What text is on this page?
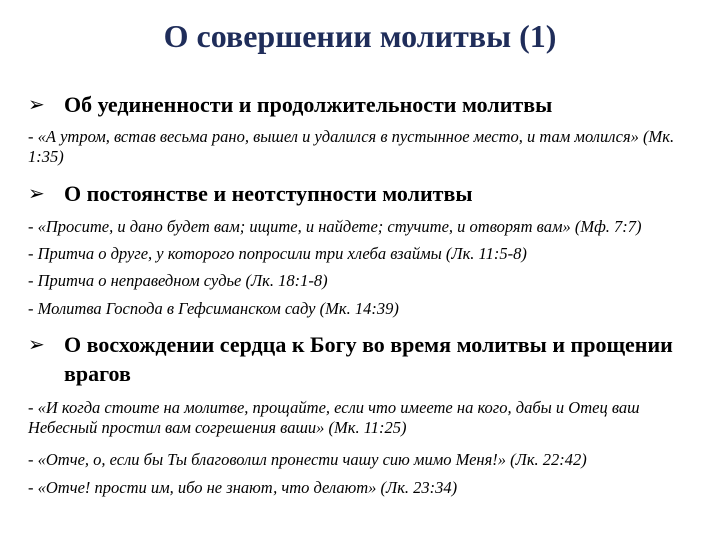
О совершении молитвы (1)
➢ Об уединенности и продолжительности молитвы

- «А утром, встав весьма рано, вышел и удалился в пустынное место, и там молился» (Мк. 1:35)

➢ О постоянстве и неотступности молитвы

- «Просите, и дано будет вам; ищите, и найдете; стучите, и отворят вам» (Мф. 7:7)

- Притча о друге, у которого попросили три хлеба взаймы (Лк. 11:5-8)

- Притча о неправедном судье (Лк. 18:1-8)

- Молитва Господа в Гефсиманском саду (Мк. 14:39)

➢ О восхождении сердца к Богу во время молитвы и прощении врагов

- «И когда стоите на молитве, прощайте, если что имеете на кого, дабы и Отец ваш Небесный простил вам согрешения ваши» (Мк. 11:25)

- «Отче, о, если бы Ты благоволил пронести чашу сию мимо Меня!» (Лк. 22:42)

- «Отче! прости им, ибо не знают, что делают» (Лк. 23:34)
